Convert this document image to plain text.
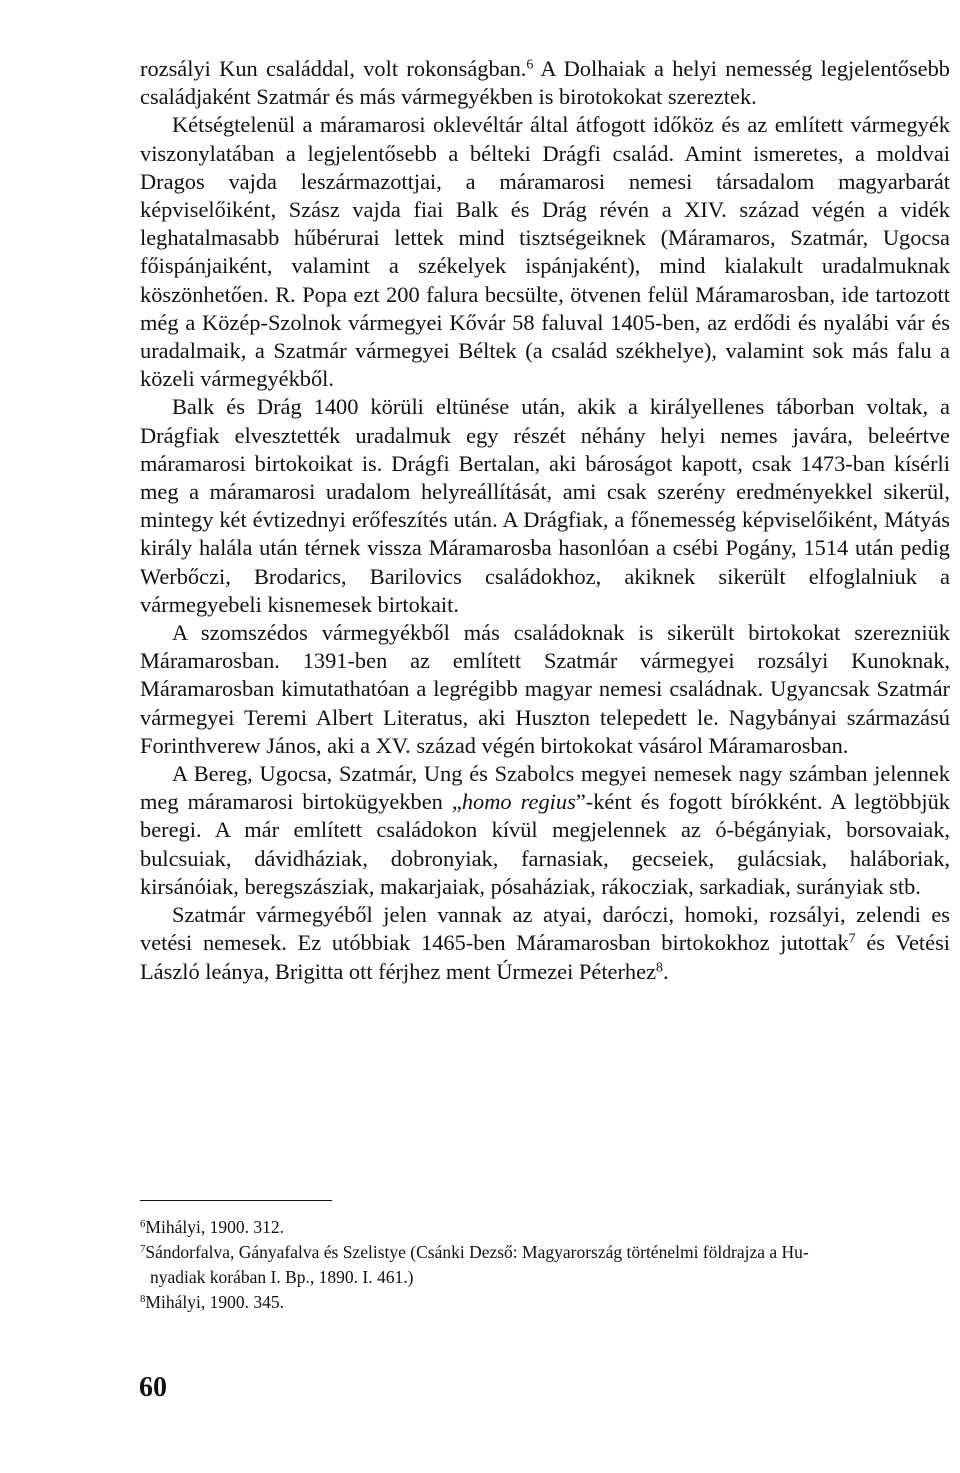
rozsályi Kun családdal, volt rokonságban.$^6$ A Dolhaiak a helyi nemesség legjelentősebb családjaként Szatmár és más vármegyékben is birotokokat szereztek.

Kétségtelenül a máramarosi oklevéltár által átfogott időköz és az említett vármegyék viszonylatában a legjelentősebb a bélteki Drágfi család. Amint ismeretes, a moldvai Dragos vajda leszármazottjai, a máramarosi nemesi társadalom magyarbarát képviselőiként, Szász vajda fiai Balk és Drág révén a XIV. század végén a vidék leghatalmasabb hűbérurai lettek mind tisztségeiknek (Máramaros, Szatmár, Ugocsa főispánjaiként, valamint a székelyek ispánjaként), mind kialakult uradalmuknak köszönhetően. R. Popa ezt 200 falura becsülte, ötvenen felül Máramarosban, ide tartozott még a Közép-Szolnok vármegyei Kővár 58 faluval 1405-ben, az erdődi és nyalábi vár és uradalmaik, a Szatmár vármegyei Béltek (a család székhelye), valamint sok más falu a közeli vármegyékből.

Balk és Drág 1400 körüli eltünése után, akik a királyellenes táborban voltak, a Drágfiak elvesztették uradalmuk egy részét néhány helyi nemes javára, beleértve máramarosi birtokoikat is. Drágfi Bertalan, aki bároságot kapott, csak 1473-ban kísérli meg a máramarosi uradalom helyreállítását, ami csak szerény eredményekkel sikerül, mintegy két évtizednyi erőfeszítés után. A Drágfiak, a főnemesség képviselőiként, Mátyás király halála után térnek vissza Máramarosba hasonlóan a csébi Pogány, 1514 után pedig Werbőczi, Brodarics, Barilovics családokhoz, akiknek sikerült elfoglalniuk a vármegyebeli kisnemesek birtokait.

A szomszédos vármegyékből más családoknak is sikerült birtokokat szerezniük Máramarosban. 1391-ben az említett Szatmár vármegyei rozsályi Kunoknak, Máramarosban kimutathatóan a legrégibb magyar nemesi családnak. Ugyancsak Szatmár vármegyei Teremi Albert Literatus, aki Huszton telepedett le. Nagybányai származású Forinthverew János, aki a XV. század végén birtokokat vásárol Máramarosban.

A Bereg, Ugocsa, Szatmár, Ung és Szabolcs megyei nemesek nagy számban jelennek meg máramarosi birtokügyekben „homo regius”-ként és fogott bírókként. A legtöbbjük beregi. A már említett családokon kívül megjelennek az ó-bégányiak, borsovaiak, bulcsuiak, dávidháziak, dobronyiak, farnasiak, gecseiek, gulácsiak, haláboriak, kirsánóiak, beregszásziak, makarjaiak, pósaháziak, rákocziak, sarkadiak, surányiak stb.

Szatmár vármegyéből jelen vannak az atyai, daróczi, homoki, rozsályi, zelendi es vetési nemesek. Ez utóbbiak 1465-ben Máramarosban birtokokhoz jutottak$^7$ és Vetési László leánya, Brigitta ott férjhez ment Úrmezei Péterhez$^8$.

$^6$Mihályi, 1900. 312.

$^7$Sándorfalva, Gányafalva és Szelistye (Csánki Dezső: Magyarország történelmi földrajza a Hu-

nyadiak korában I. Bp., 1890. I. 461.)

$^8$Mihályi, 1900. 345.

60
